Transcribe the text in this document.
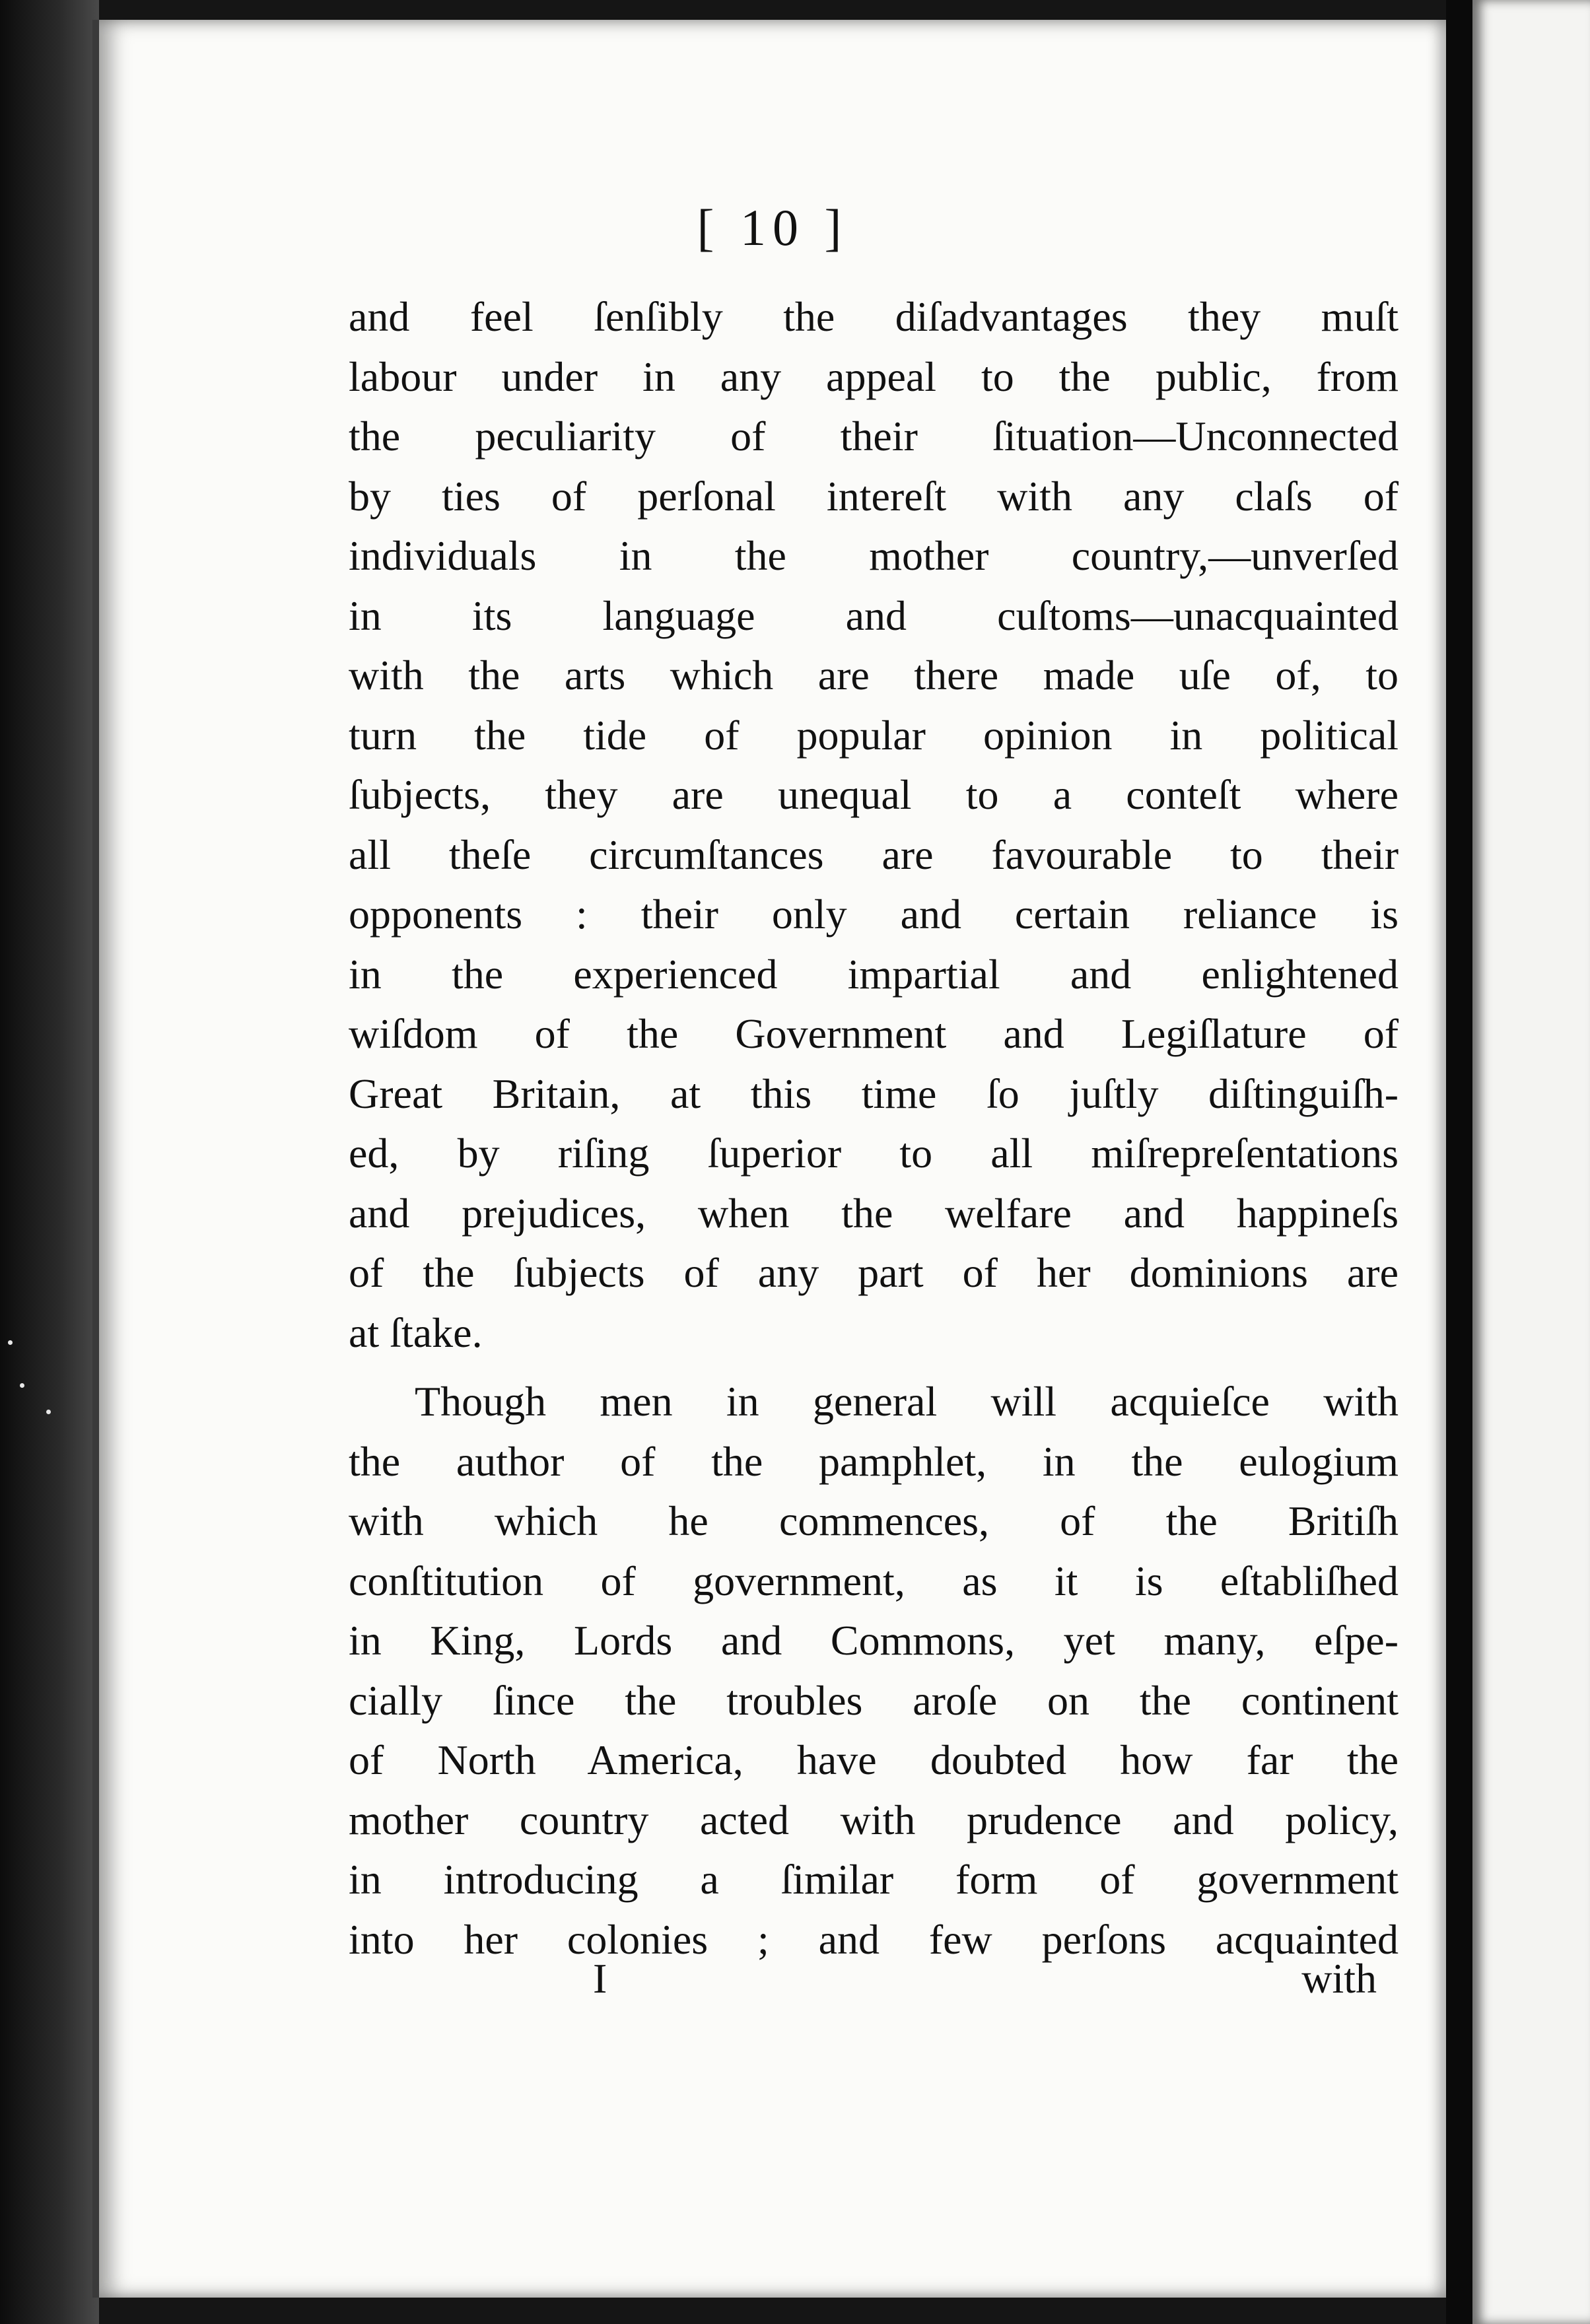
[ 10 ]

and feel ſenſibly the diſadvantages they muſt

labour under in any appeal to the public, from

the peculiarity of their ſituation—Unconnected

by ties of perſonal intereſt with any claſs of

individuals in the mother country,—unverſed

in its language and cuſtoms—unacquainted

with the arts which are there made uſe of, to

turn the tide of popular opinion in political

ſubjects, they are unequal to a conteſt where

all theſe circumſtances are favourable to their

opponents : their only and certain reliance is

in the experienced impartial and enlightened

wiſdom of the Government and Legiſlature of

Great Britain, at this time ſo juſtly diſtinguiſh-

ed, by riſing ſuperior to all miſrepreſentations

and prejudices, when the welfare and happineſs

of the ſubjects of any part of her dominions are

at ſtake.

Though men in general will acquieſce with

the author of the pamphlet, in the eulogium

with which he commences, of the Britiſh

conſtitution of government, as it is eſtabliſhed

in King, Lords and Commons, yet many, eſpe-

cially ſince the troubles aroſe on the continent

of North America, have doubted how far the

mother country acted with prudence and policy,

in introducing a ſimilar form of government

into her colonies ; and few perſons acquainted

I	with
